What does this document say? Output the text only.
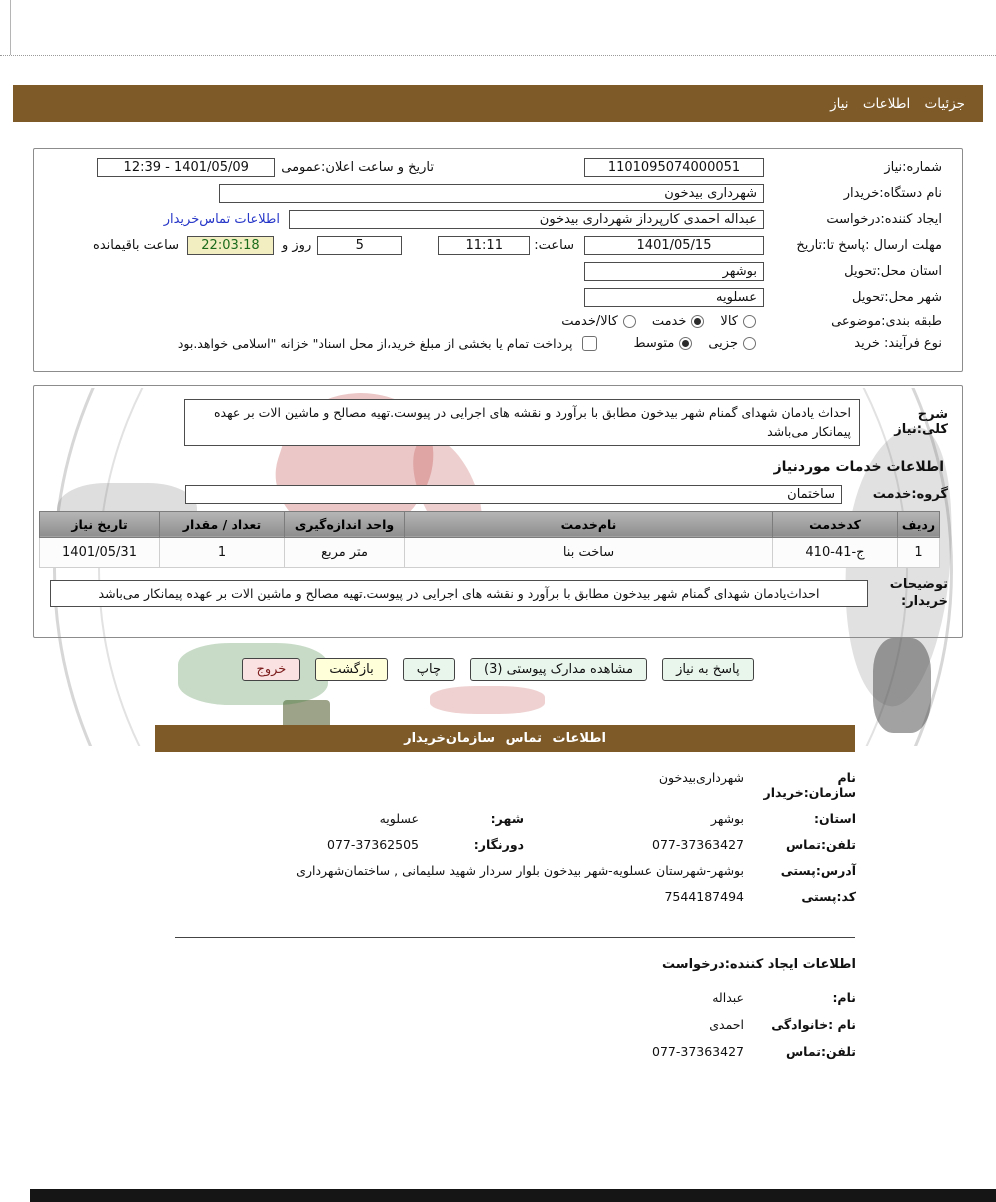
جزئیات اطلاعات نیاز
شماره:نیاز
1101095074000051
تاریخ و ساعت اعلان:عمومی
12:39 - 1401/05/09
نام دستگاه:خریدار
شهرداری بیدخون
ایجاد کننده:درخواست
عبداله احمدی کارپرداز شهرداری بیدخون
اطلاعات تماس‌خریدار
مهلت ارسال :پاسخ تا:تاریخ
1401/05/15
ساعت:
11:11
5
روز و
22:03:18
ساعت باقیمانده
استان محل:تحویل
بوشهر
شهر محل:تحویل
عسلویه
طبقه بندی:موضوعی
کالا
خدمت
کالا/خدمت
نوع فرآیند: خرید
جزیی
متوسط
پرداخت تمام یا بخشی از مبلغ خرید،از محل اسناد" خزانه "اسلامی خواهد.بود
شرح کلی:نیاز
احداث یادمان شهدای گمنام شهر بیدخون مطابق با برآورد و نقشه های اجرایی در پیوست.تهیه مصالح و ماشین الات بر عهده پیمانکار می‌باشد
اطلاعات خدمات موردنیاز
گروه:خدمت
ساختمان
ردیف	کدخدمت	نام‌خدمت	واحد اندازه‌گیری	تعداد / مقدار	تاریخ نیاز
1	ج-41-410	ساخت بنا	متر مربع	1	1401/05/31
توضیحات
خریدار:
احداث‌یادمان شهدای گمنام شهر بیدخون مطابق با برآورد و نقشه های اجرایی در پیوست.تهیه مصالح و ماشین الات بر عهده پیمانکار می‌باشد
پاسخ به نیاز
مشاهده مدارک پیوستی (3)
چاپ
بازگشت
خروج
اطلاعات تماس سازمان‌خریدار
نام سازمان:خریدار
شهرداری‌بیدخون
استان:
بوشهر
شهر:
عسلویه
تلفن:تماس
077-37363427
دورنگار:
077-37362505
آدرس:پستی
بوشهر-شهرستان عسلویه-شهر بیدخون بلوار سردار شهید سلیمانی , ساختمان‌شهرداری
کد:پستی
7544187494
اطلاعات ایجاد کننده:درخواست
نام:
عبداله
نام :خانوادگی
احمدی
تلفن:تماس
077-37363427
